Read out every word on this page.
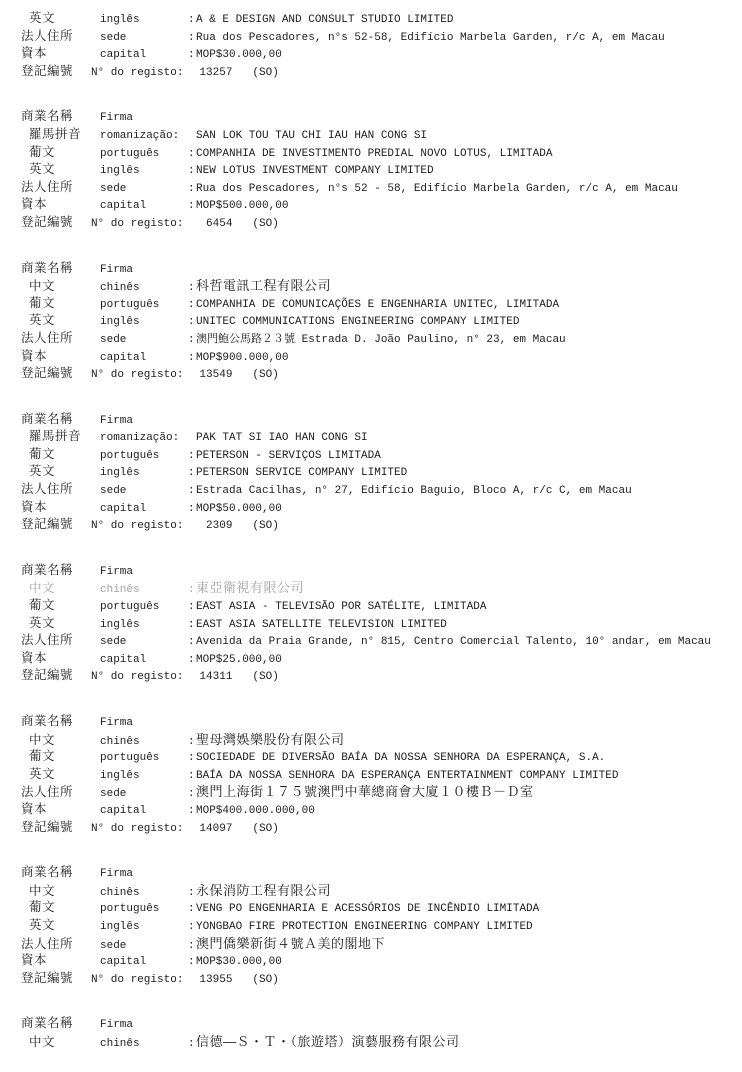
英文	inglês	: A & E DESIGN AND CONSULT STUDIO LIMITED
法人住所	sede	: Rua dos Pescadores, n°s 52-58, Edifício Marbela Garden, r/c A, em Macau
資本	capital	: MOP$30.000,00
登記編號	N° do registo: 13257 (SO)
商業名稱	Firma
羅馬拼音	romanização:	SAN LOK TOU TAU CHI IAU HAN CONG SI
葡文	português	: COMPANHIA DE INVESTIMENTO PREDIAL NOVO LOTUS, LIMITADA
英文	inglês	: NEW LOTUS INVESTMENT COMPANY LIMITED
法人住所	sede	: Rua dos Pescadores, n°s 52 - 58, Edifício Marbela Garden, r/c A, em Macau
資本	capital	: MOP$500.000,00
登記編號	N° do registo:	6454 (SO)
商業名稱	Firma
中文	chinês	: 科哲電訊工程有限公司
葡文	português	: COMPANHIA DE COMUNICAÇÕES E ENGENHARIA UNITEC, LIMITADA
英文	inglês	: UNITEC COMMUNICATIONS ENGINEERING COMPANY LIMITED
法人住所	sede	: 澳門鮑公馬路２３號 Estrada D. João Paulino, n° 23, em Macau
資本	capital	: MOP$900.000,00
登記編號	N° do registo: 13549 (SO)
商業名稱	Firma
羅馬拼音	romanização:	PAK TAT SI IAO HAN CONG SI
葡文	português	: PETERSON - SERVIÇOS LIMITADA
英文	inglês	: PETERSON SERVICE COMPANY LIMITED
法人住所	sede	: Estrada Cacilhas, n° 27, Edifício Baguio, Bloco A, r/c C, em Macau
資本	capital	: MOP$50.000,00
登記編號	N° do registo:	2309 (SO)
商業名稱	Firma
中文	chinês	: 東亞衛視有限公司
葡文	português	: EAST ASIA - TELEVISÃO POR SATÉLITE, LIMITADA
英文	inglês	: EAST ASIA SATELLITE TELEVISION LIMITED
法人住所	sede	: Avenida da Praia Grande, n° 815, Centro Comercial Talento, 10° andar, em Macau
資本	capital	: MOP$25.000,00
登記編號	N° do registo: 14311 (SO)
商業名稱	Firma
中文	chinês	: 聖母灣娛樂股份有限公司
葡文	português	: SOCIEDADE DE DIVERSÃO BAÍA DA NOSSA SENHORA DA ESPERANÇA, S.A.
英文	inglês	: BAÍA DA NOSSA SENHORA DA ESPERANÇA ENTERTAINMENT COMPANY LIMITED
法人住所	sede	: 澳門上海街１７５號澳門中華總商會大廈１０樓Ｂ－Ｄ室
資本	capital	: MOP$400.000.000,00
登記編號	N° do registo: 14097 (SO)
商業名稱	Firma
中文	chinês	: 永保消防工程有限公司
葡文	português	: VENG PO ENGENHARIA E ACESSÓRIOS DE INCÊNDIO LIMITADA
英文	inglês	: YONGBAO FIRE PROTECTION ENGINEERING COMPANY LIMITED
法人住所	sede	: 澳門僑樂新街４號Ａ美的閣地下
資本	capital	: MOP$30.000,00
登記編號	N° do registo: 13955 (SO)
商業名稱	Firma
中文	chinês	: 信德—Ｓ・Ｔ・（旅遊塔）演藝服務有限公司
